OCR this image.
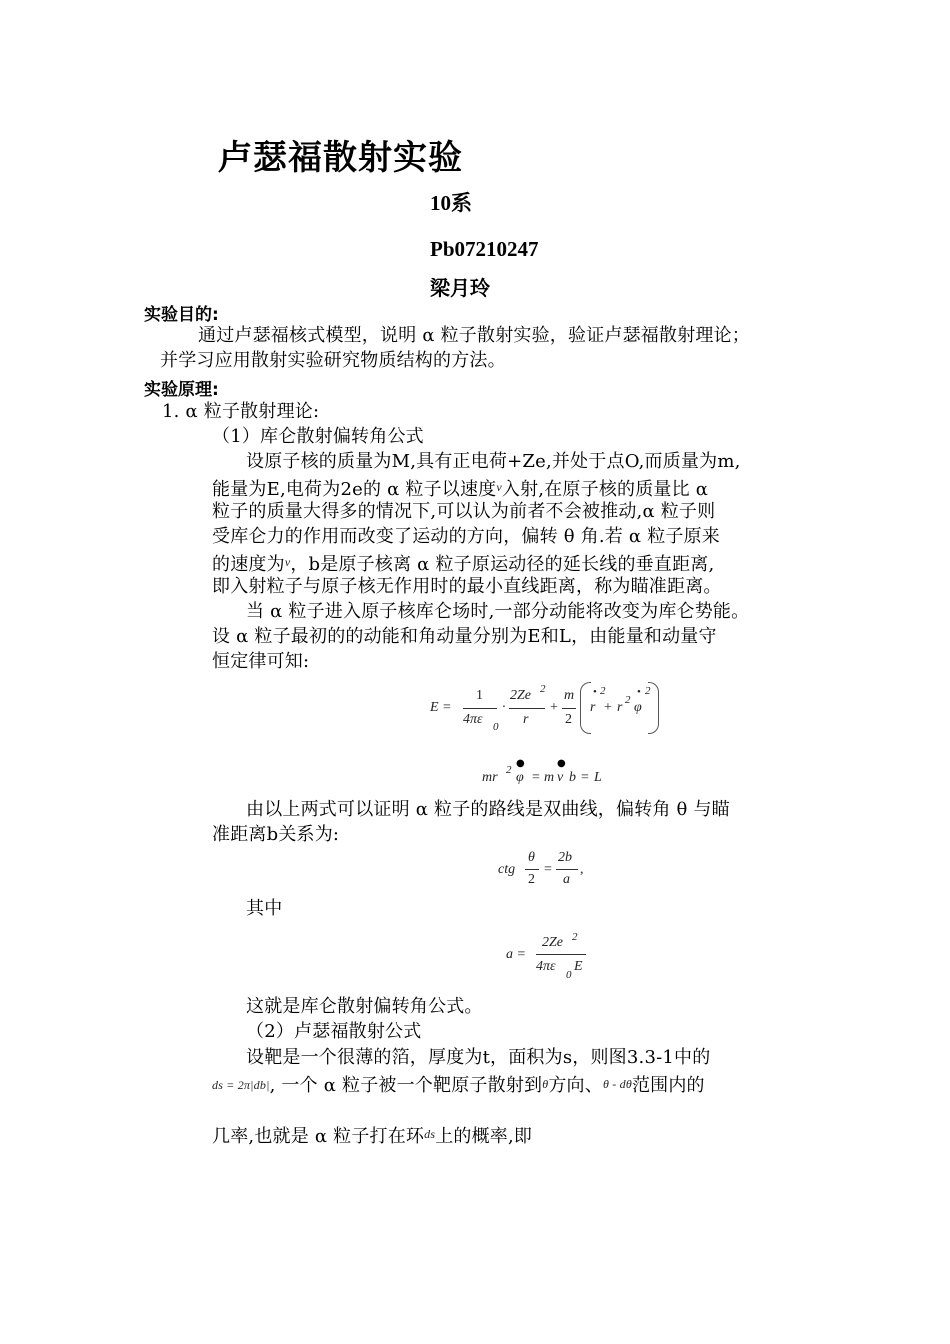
卢瑟福散射实验
10系
Pb07210247
梁月玲
实验目的:
通过卢瑟福核式模型，说明 α 粒子散射实验，验证卢瑟福散射理论；
并学习应用散射实验研究物质结构的方法。
实验原理:
1. α 粒子散射理论:
（1）库仑散射偏转角公式
设原子核的质量为M,具有正电荷+Ze,并处于点O,而质量为m,
能量为E,电荷为2e的 α 粒子以速度$^v$入射,在原子核的质量比 α
粒子的质量大得多的情况下,可以认为前者不会被推动,α 粒子则
受库仑力的作用而改变了运动的方向，偏转 θ 角.若 α 粒子原来
的速度为$^v$，b是原子核离 α 粒子原运动径的延长线的垂直距离,
即入射粒子与原子核无作用时的最小直线距离，称为瞄准距离。
当 α 粒子进入原子核库仑场时,一部分动能将改变为库仑势能。
设 α 粒子最初的的动能和角动量分别为E和L，由能量和动量守
恒定律可知:
E =
1
4πε 0
·
2Ze 2
r
+
m
2
• 2
r + r 2
• 2
φ
mr 2
●
φ = m
●
v b = L
由以上两式可以证明 α 粒子的路线是双曲线，偏转角 θ 与瞄
准距离b关系为:
ctg
θ
2
=
2b
a
,
其中
a =
2Ze 2
4πε
0
E
这就是库仑散射偏转角公式。
（2）卢瑟福散射公式
设靶是一个很薄的箔，厚度为t，面积为s，则图3.3-1中的
ds = 2π|db|, 一个 α 粒子被一个靶原子散射到θ方向、θ - dθ范围内的
几率,也就是 α 粒子打在环$^{ds}$上的概率,即
